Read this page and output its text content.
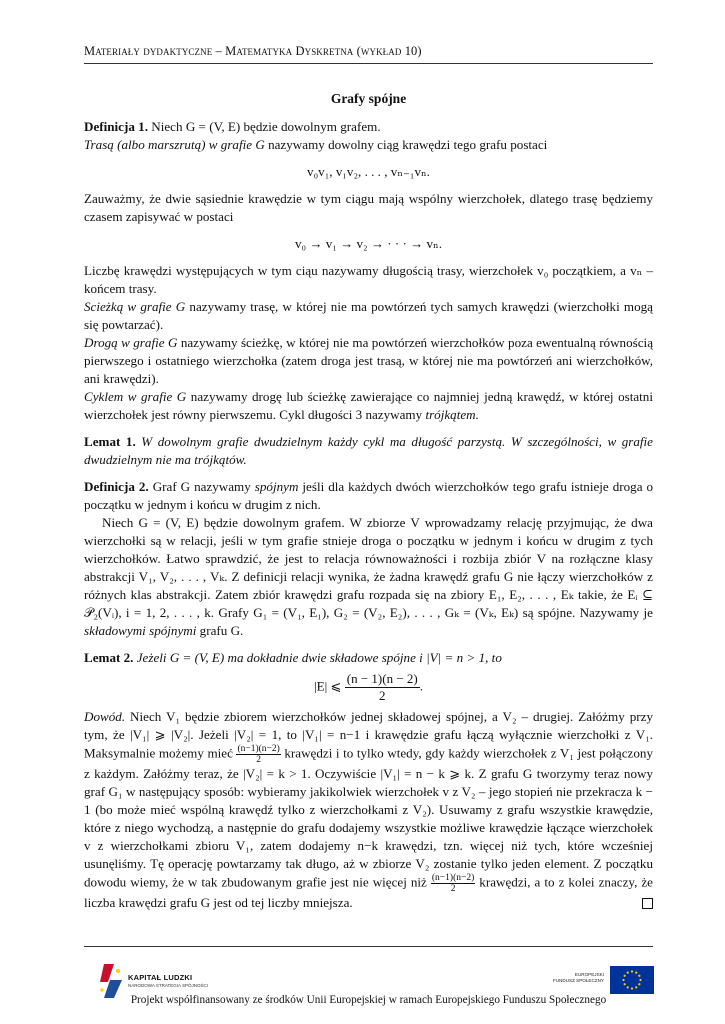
Materiały dydaktyczne – Matematyka Dyskretna (wykład 10)
Grafy spójne

Definicja 1. Niech G = (V, E) będzie dowolnym grafem.
Trasą (albo marszrutą) w grafie G nazywamy dowolny ciąg krawędzi tego grafu postaci

v₀v₁, v₁v₂, . . . , vₙ₋₁vₙ.

Zauważmy, że dwie sąsiednie krawędzie w tym ciągu mają wspólny wierzchołek, dlatego trasę będziemy czasem zapisywać w postaci

v₀ → v₁ → v₂ → · · · → vₙ.

Liczbę krawędzi występujących w tym ciąu nazywamy długością trasy, wierzchołek v₀ początkiem, a vₙ – końcem trasy.

Scieżką w grafie G nazywamy trasę, w której nie ma powtórzeń tych samych krawędzi (wierzchołki mogą się powtarzać).

Drogą w grafie G nazywamy ścieżkę, w której nie ma powtórzeń wierzchołków poza ewentualną równością pierwszego i ostatniego wierzchołka (zatem droga jest trasą, w której nie ma powtórzeń ani wierzchołków, ani krawędzi).

Cyklem w grafie G nazywamy drogę lub ścieżkę zawierające co najmniej jedną krawędź, w której ostatni wierzchołek jest równy pierwszemu. Cykl długości 3 nazywamy trójkątem.

Lemat 1. W dowolnym grafie dwudzielnym każdy cykl ma długość parzystą. W szczególności, w grafie dwudzielnym nie ma trójkątów.

Definicja 2. Graf G nazywamy spójnym jeśli dla każdych dwóch wierzchołków tego grafu istnieje droga o początku w jednym i końcu w drugim z nich.

Niech G = (V, E) będzie dowolnym grafem. W zbiorze V wprowadzamy relację przyjmując, że dwa wierzchołki są w relacji, jeśli w tym grafie stnieje droga o początku w jednym i końcu w drugim z tych wierzchołków. Łatwo sprawdzić, że jest to relacja równoważności i rozbija zbiór V na rozłączne klasy abstrakcji V₁, V₂, . . . , Vₖ. Z definicji relacji wynika, że żadna krawędź grafu G nie łączy wierzchołków z różnych klas abstrakcji. Zatem zbiór krawędzi grafu rozpada się na zbiory E₁, E₂, . . . , Eₖ takie, że Eᵢ ⊆ 𝒫₂(Vᵢ), i = 1, 2, . . . , k. Grafy G₁ = (V₁, E₁), G₂ = (V₂, E₂), . . . , Gₖ = (Vₖ, Eₖ) są spójne. Nazywamy je składowymi spójnymi grafu G.

Lemat 2. Jeżeli G = (V, E) ma dokładnie dwie składowe spójne i |V| = n > 1, to

|E| ⩽ $\frac{(n - 1)(n - 2)}{2}$.

Dowód. Niech V₁ będzie zbiorem wierzchołków jednej składowej spójnej, a V₂ – drugiej. Załóżmy przy tym, że |V₁| ⩾ |V₂|. Jeżeli |V₂| = 1, to |V₁| = n−1 i krawędzie grafu łączą wyłącznie wierzchołki z V₁. Maksymalnie możemy mieć $\frac{(n-1)(n-2)}{2}$ krawędzi i to tylko wtedy, gdy każdy wierzchołek z V₁ jest połączony z każdym. Załóżmy teraz, że |V₂| = k > 1. Oczywiście |V₁| = n − k ⩾ k. Z grafu G tworzymy teraz nowy graf G₁ w następujący sposób: wybieramy jakikolwiek wierzchołek v z V₂ – jego stopień nie przekracza k − 1 (bo może mieć wspólną krawędź tylko z wierzchołkami z V₂). Usuwamy z grafu wszystkie krawędzie, które z niego wychodzą, a następnie do grafu dodajemy wszystkie możliwe krawędzie łączące wierzchołek v z wierzchołkami zbioru V₁, zatem dodajemy n−k krawędzi, tzn. więcej niż tych, które wcześniej usunęliśmy. Tę operację powtarzamy tak długo, aż w zbiorze V₂ zostanie tylko jeden element. Z początku dowodu wiemy, że w tak zbudowanym grafie jest nie więcej niż $\frac{(n-1)(n-2)}{2}$ krawędzi, a to z kolei znaczy, że liczba krawędzi grafu G jest od tej liczby mniejsza.

KAPITAŁ LUDZKI
NARODOWA STRATEGIA SPÓJNOŚCI
EUROPEJSKI
FUNDUSZ SPOŁECZNY
Projekt współfinansowany ze środków Unii Europejskiej w ramach Europejskiego Funduszu Społecznego
